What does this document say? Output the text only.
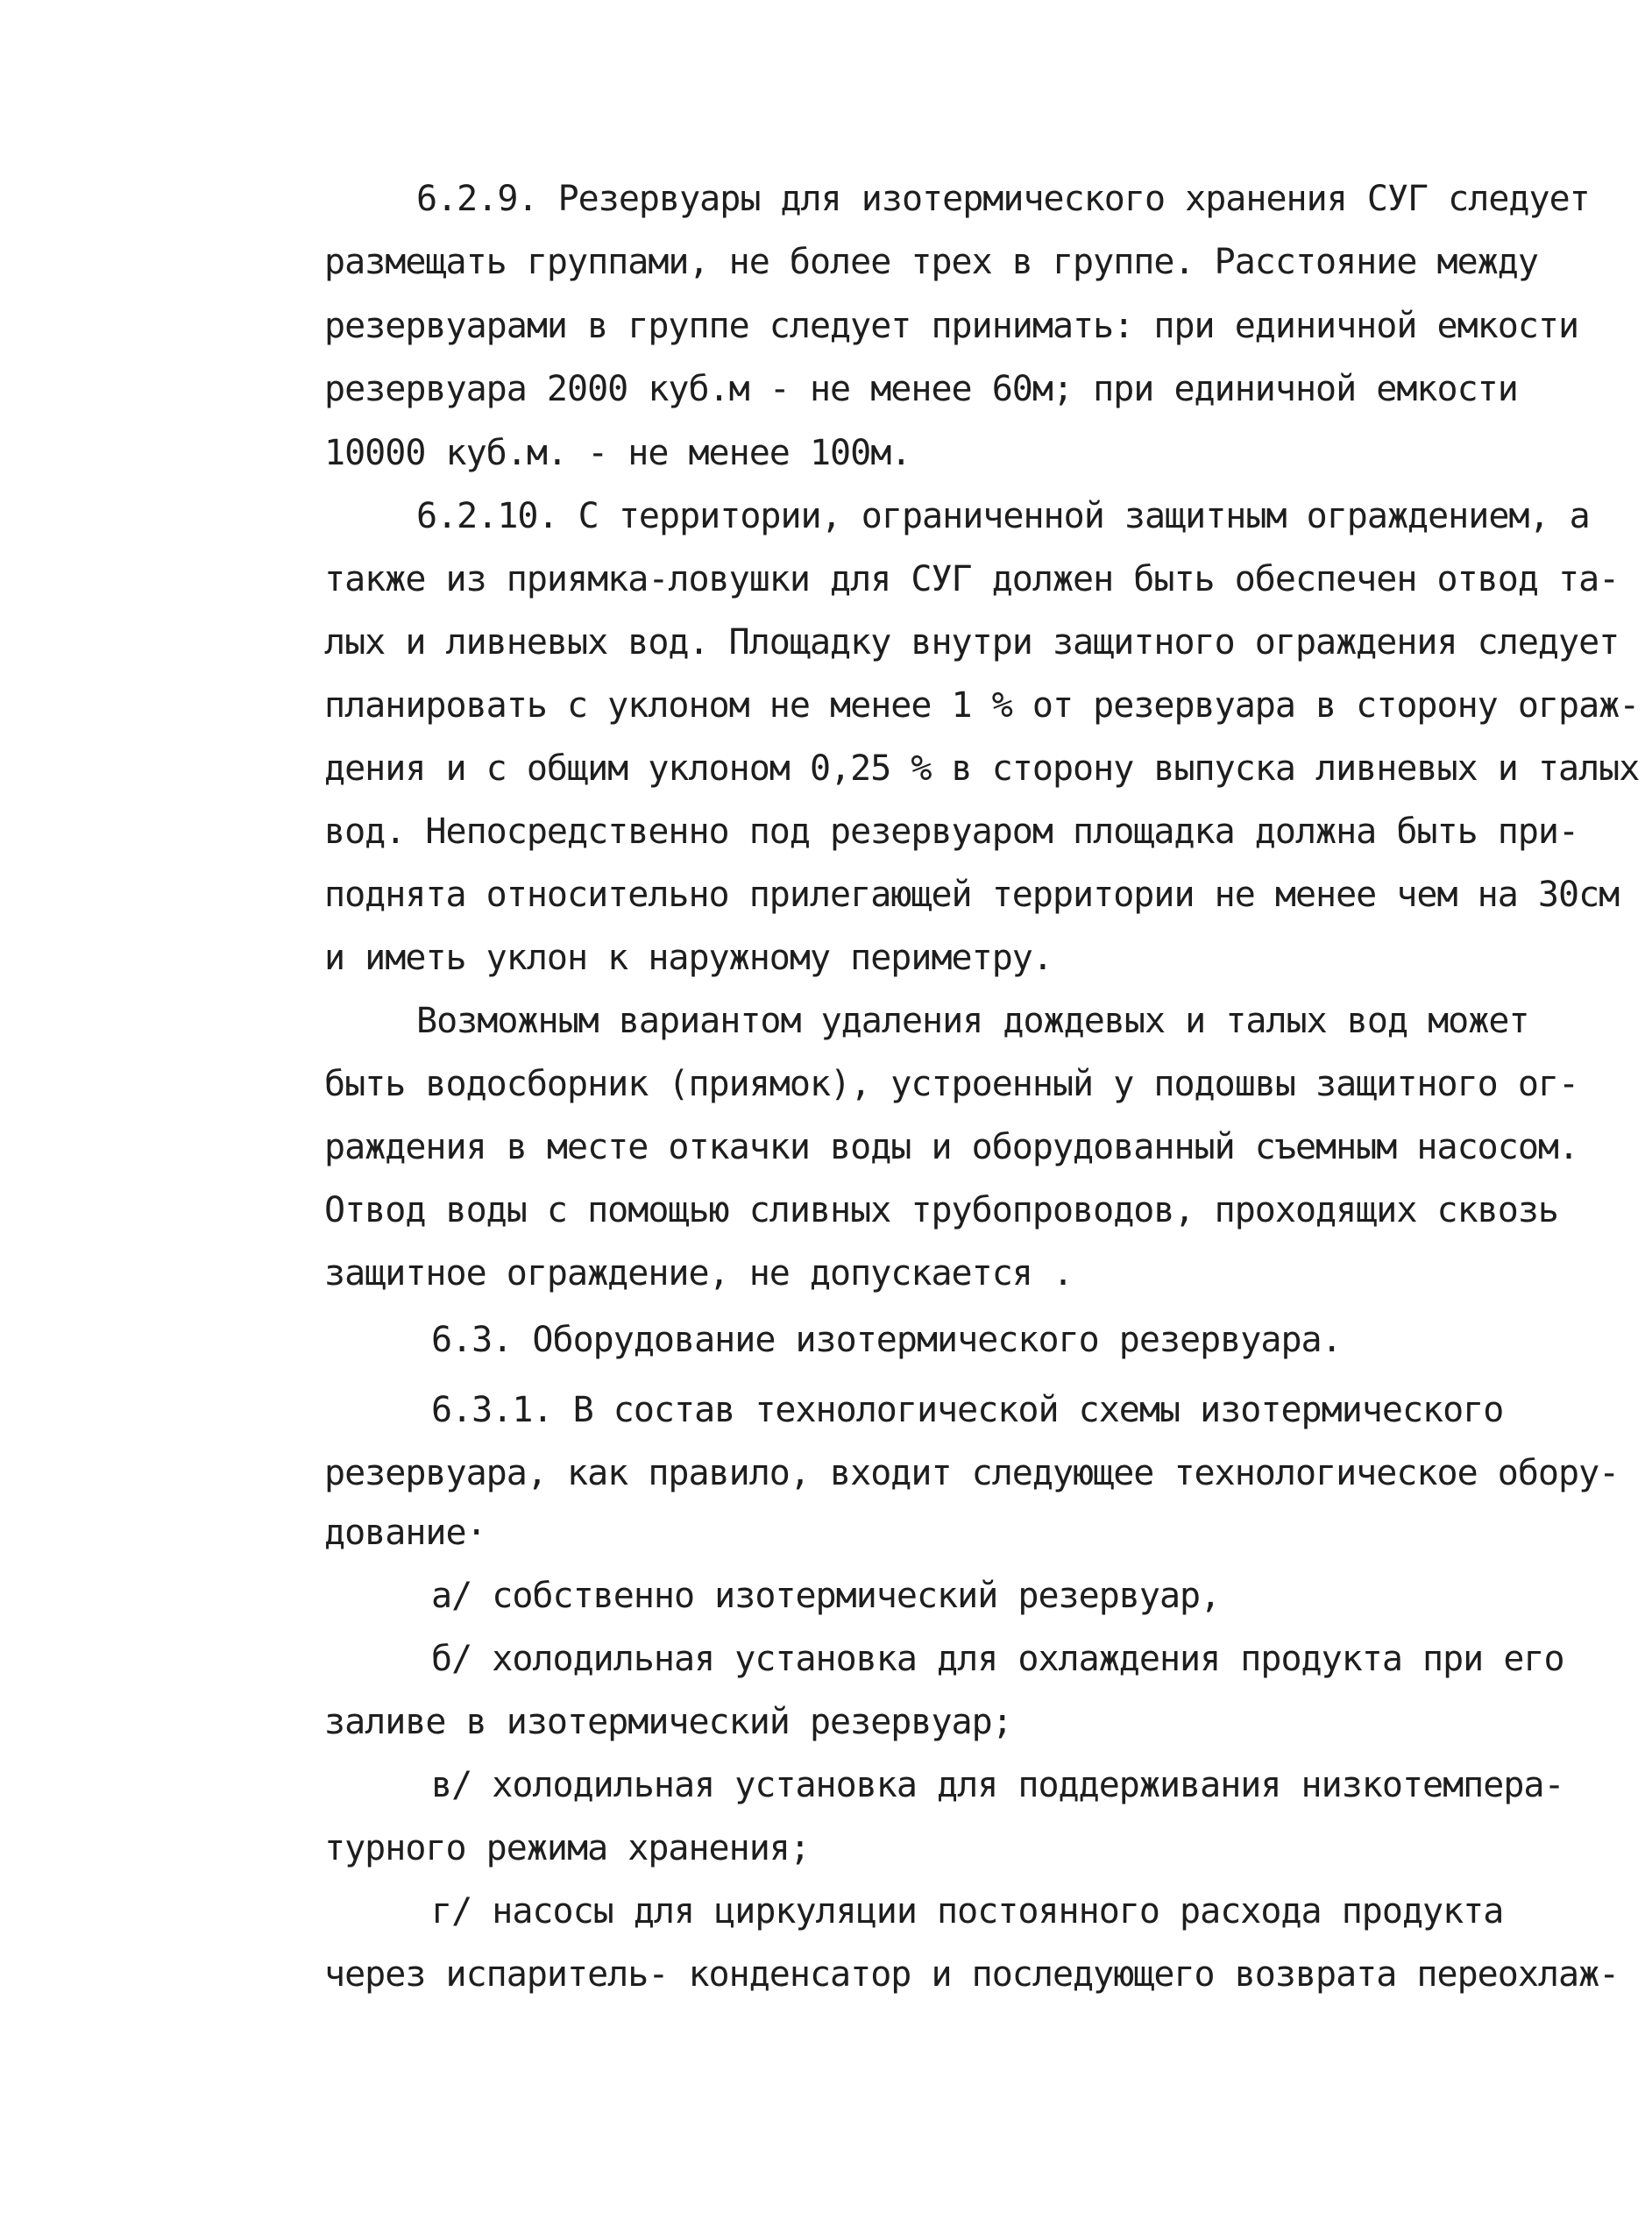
6.2.9. Резервуары для изотермического хранения СУГ следует
размещать группами, не более трех в группе. Расстояние между
резервуарами в группе следует принимать: при единичной емкости
резервуара 2000 куб.м - не менее 60м; при единичной емкости
10000 куб.м. - не менее 100м.
6.2.10. С территории, ограниченной защитным ограждением, а
также из приямка-ловушки для СУГ должен быть обеспечен отвод та-
лых и ливневых вод. Площадку внутри защитного ограждения следует
планировать с уклоном не менее 1 % от резервуара в сторону ограж-
дения и с общим уклоном 0,25 % в сторону выпуска ливневых и талых
вод. Непосредственно под резервуаром площадка должна быть при-
поднята относительно прилегающей территории не менее чем на 30см
и иметь уклон к наружному периметру.
Возможным вариантом удаления дождевых и талых вод может
быть водосборник (приямок), устроенный у подошвы защитного ог-
раждения в месте откачки воды и оборудованный съемным насосом.
Отвод воды с помощью сливных трубопроводов, проходящих сквозь
защитное ограждение, не допускается .
6.3. Оборудование изотермического резервуара.
6.3.1. В состав технологической схемы изотермического
резервуара, как правило, входит следующее технологическое обору-
дование·
а/ собственно изотермический резервуар,
б/ холодильная установка для охлаждения продукта при его
заливе в изотермический резервуар;
в/ холодильная установка для поддерживания низкотемпера-
турного режима хранения;
г/ насосы для циркуляции постоянного расхода продукта
через испаритель- конденсатор и последующего возврата переохлаж-
